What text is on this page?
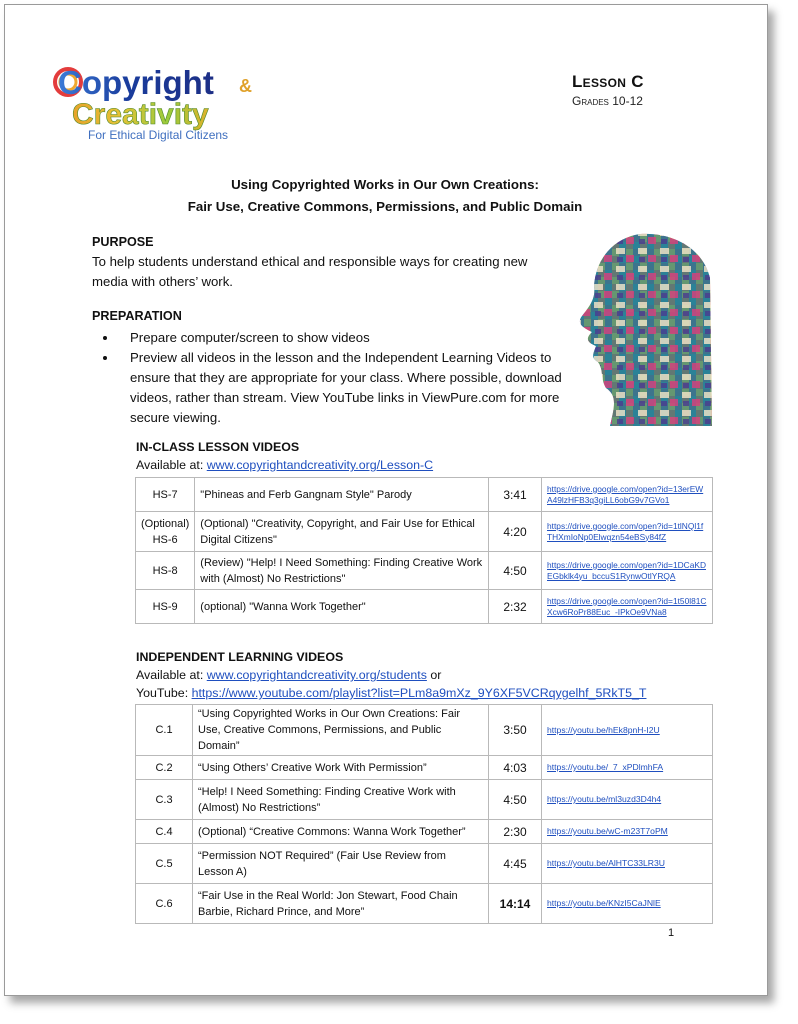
Copyright &
Creativity
For Ethical Digital Citizens
Lesson C
Grades 10-12
Using Copyrighted Works in Our Own Creations:
Fair Use, Creative Commons, Permissions, and Public Domain
PURPOSE
To help students understand ethical and responsible ways for creating new media with others’ work.
PREPARATION
• Prepare computer/screen to show videos
• Preview all videos in the lesson and the Independent Learning Videos to ensure that they are appropriate for your class. Where possible, download videos, rather than stream. View YouTube links in ViewPure.com for more secure viewing.
IN-CLASS LESSON VIDEOS
Available at: www.copyrightandcreativity.org/Lesson-C
HS-7	"Phineas and Ferb Gangnam Style" Parody	3:41	https://drive.google.com/open?id=13erEWA49lzHFB3q3giLL6obG9v7GVo1
(Optional) HS-6	(Optional) "Creativity, Copyright, and Fair Use for Ethical Digital Citizens"	4:20	https://drive.google.com/open?id=1tlNQl1fTHXmIoNp0Elwqzn54eBSy84fZ
HS-8	(Review) "Help! I Need Something: Finding Creative Work with (Almost) No Restrictions"	4:50	https://drive.google.com/open?id=1DCaKDEGbklk4yu_bccuS1RynwOtlYRQA
HS-9	(optional) "Wanna Work Together"	2:32	https://drive.google.com/open?id=1t50l81CXcw6RoPr88Euc_-IPkOe9VNa8
INDEPENDENT LEARNING VIDEOS
Available at: www.copyrightandcreativity.org/students or
YouTube: https://www.youtube.com/playlist?list=PLm8a9mXz_9Y6XF5VCRqygelhf_5RkT5_T
C.1	“Using Copyrighted Works in Our Own Creations: Fair Use, Creative Commons, Permissions, and Public Domain”	3:50	https://youtu.be/hEk8pnH-I2U
C.2	“Using Others’ Creative Work With Permission”	4:03	https://youtu.be/_7_xPDlmhFA
C.3	“Help! I Need Something: Finding Creative Work with (Almost) No Restrictions”	4:50	https://youtu.be/ml3uzd3D4h4
C.4	(Optional) “Creative Commons: Wanna Work Together”	2:30	https://youtu.be/wC-m23T7oPM
C.5	“Permission NOT Required” (Fair Use Review from Lesson A)	4:45	https://youtu.be/AlHTC33LR3U
C.6	“Fair Use in the Real World: Jon Stewart, Food Chain Barbie, Richard Prince, and More”	14:14	https://youtu.be/KNzI5CaJNlE
1
